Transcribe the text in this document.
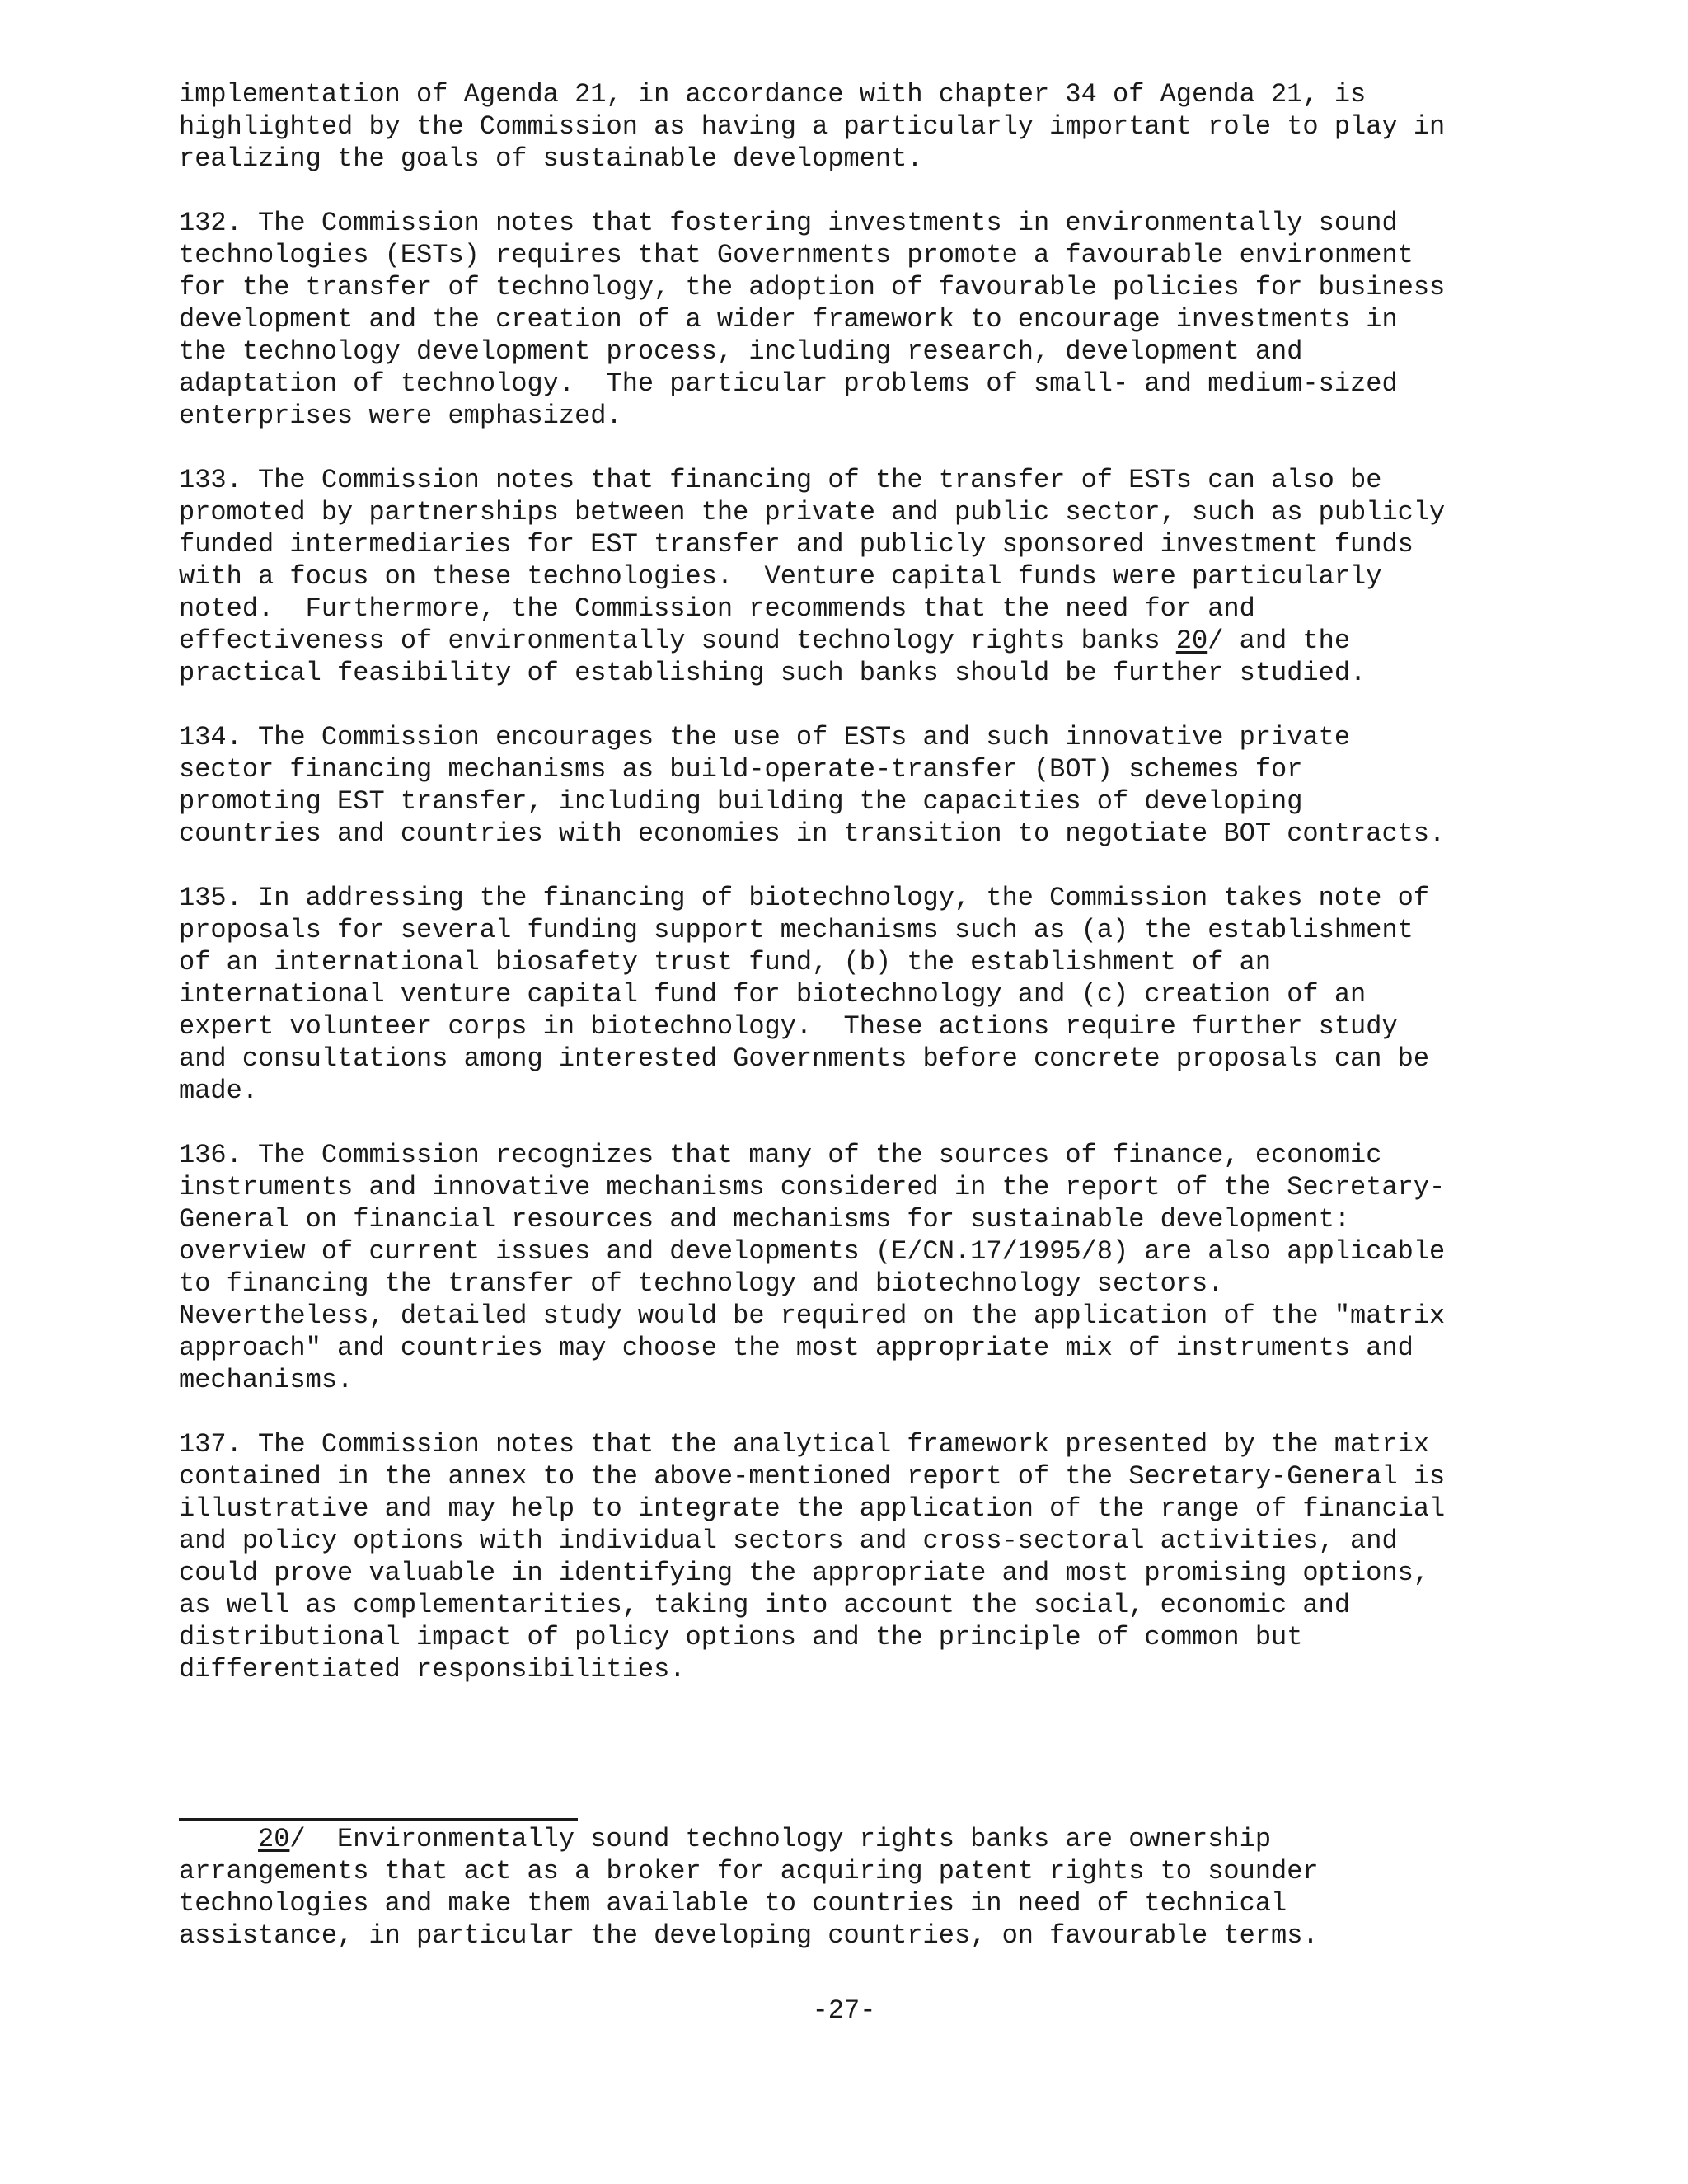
implementation of Agenda 21, in accordance with chapter 34 of Agenda 21, is
highlighted by the Commission as having a particularly important role to play in
realizing the goals of sustainable development.
132. The Commission notes that fostering investments in environmentally sound
technologies (ESTs) requires that Governments promote a favourable environment
for the transfer of technology, the adoption of favourable policies for business
development and the creation of a wider framework to encourage investments in
the technology development process, including research, development and
adaptation of technology.  The particular problems of small- and medium-sized
enterprises were emphasized.
133. The Commission notes that financing of the transfer of ESTs can also be
promoted by partnerships between the private and public sector, such as publicly
funded intermediaries for EST transfer and publicly sponsored investment funds
with a focus on these technologies.  Venture capital funds were particularly
noted.  Furthermore, the Commission recommends that the need for and
effectiveness of environmentally sound technology rights banks 20/ and the
practical feasibility of establishing such banks should be further studied.
134. The Commission encourages the use of ESTs and such innovative private
sector financing mechanisms as build-operate-transfer (BOT) schemes for
promoting EST transfer, including building the capacities of developing
countries and countries with economies in transition to negotiate BOT contracts.
135. In addressing the financing of biotechnology, the Commission takes note of
proposals for several funding support mechanisms such as (a) the establishment
of an international biosafety trust fund, (b) the establishment of an
international venture capital fund for biotechnology and (c) creation of an
expert volunteer corps in biotechnology.  These actions require further study
and consultations among interested Governments before concrete proposals can be
made.
136. The Commission recognizes that many of the sources of finance, economic
instruments and innovative mechanisms considered in the report of the Secretary-
General on financial resources and mechanisms for sustainable development:
overview of current issues and developments (E/CN.17/1995/8) are also applicable
to financing the transfer of technology and biotechnology sectors.
Nevertheless, detailed study would be required on the application of the "matrix
approach" and countries may choose the most appropriate mix of instruments and
mechanisms.
137. The Commission notes that the analytical framework presented by the matrix
contained in the annex to the above-mentioned report of the Secretary-General is
illustrative and may help to integrate the application of the range of financial
and policy options with individual sectors and cross-sectoral activities, and
could prove valuable in identifying the appropriate and most promising options,
as well as complementarities, taking into account the social, economic and
distributional impact of policy options and the principle of common but
differentiated responsibilities.
20/  Environmentally sound technology rights banks are ownership
arrangements that act as a broker for acquiring patent rights to sounder
technologies and make them available to countries in need of technical
assistance, in particular the developing countries, on favourable terms.
-27-
